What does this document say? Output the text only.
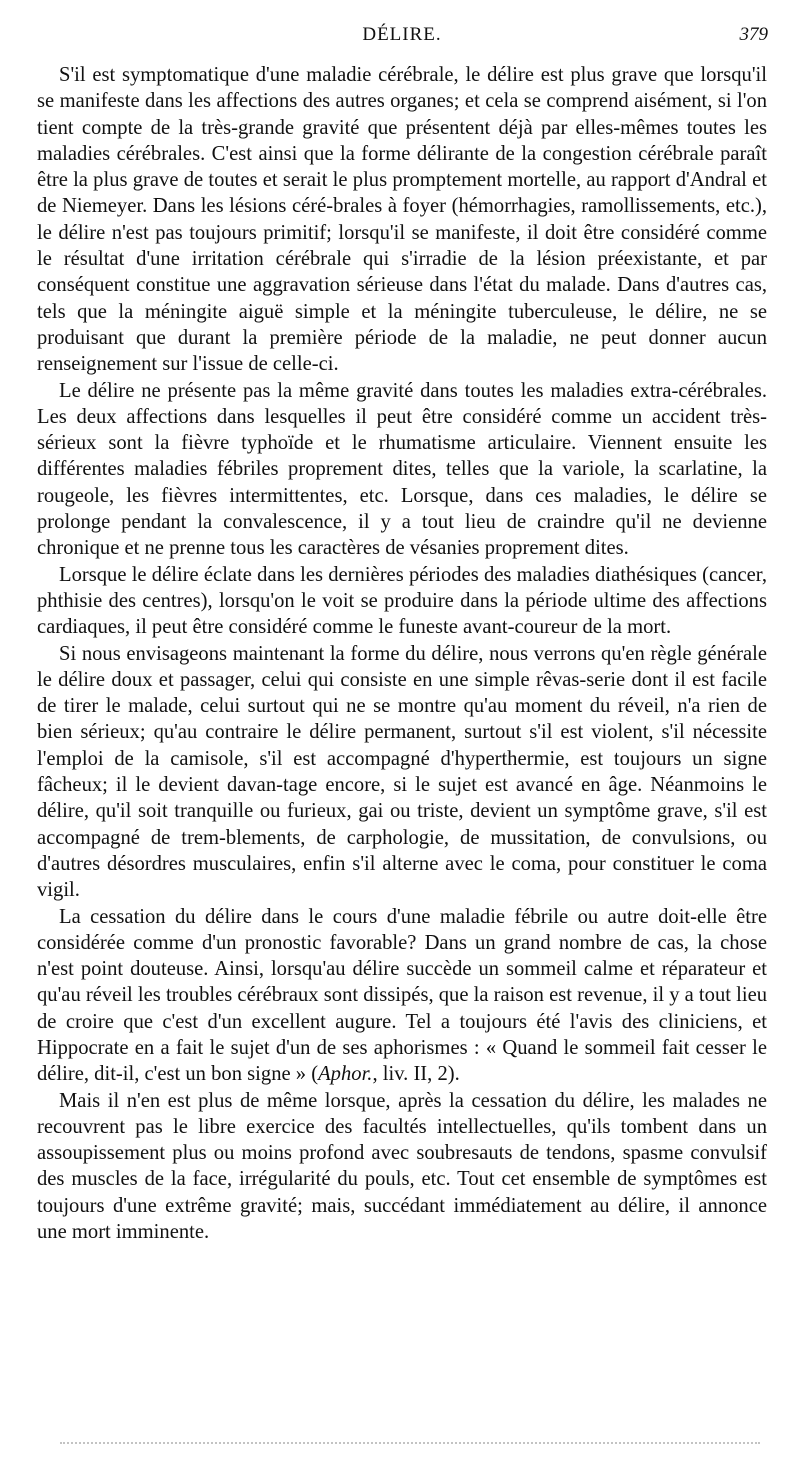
DÉLIRE.	379

S'il est symptomatique d'une maladie cérébrale, le délire est plus grave que lorsqu'il se manifeste dans les affections des autres organes; et cela se comprend aisément, si l'on tient compte de la très-grande gravité que présentent déjà par elles-mêmes toutes les maladies cérébrales. C'est ainsi que la forme délirante de la congestion cérébrale paraît être la plus grave de toutes et serait le plus promptement mortelle, au rapport d'Andral et de Niemeyer. Dans les lésions céré-brales à foyer (hémorrhagies, ramollissements, etc.), le délire n'est pas toujours primitif; lorsqu'il se manifeste, il doit être considéré comme le résultat d'une irritation cérébrale qui s'irradie de la lésion préexistante, et par conséquent constitue une aggravation sérieuse dans l'état du malade. Dans d'autres cas, tels que la méningite aiguë simple et la méningite tuberculeuse, le délire, ne se produisant que durant la première période de la maladie, ne peut donner aucun renseignement sur l'issue de celle-ci.

Le délire ne présente pas la même gravité dans toutes les maladies extra-cérébrales. Les deux affections dans lesquelles il peut être considéré comme un accident très-sérieux sont la fièvre typhoïde et le rhumatisme articulaire. Viennent ensuite les différentes maladies fébriles proprement dites, telles que la variole, la scarlatine, la rougeole, les fièvres intermittentes, etc. Lorsque, dans ces maladies, le délire se prolonge pendant la convalescence, il y a tout lieu de craindre qu'il ne devienne chronique et ne prenne tous les caractères de vésanies proprement dites.

Lorsque le délire éclate dans les dernières périodes des maladies diathésiques (cancer, phthisie des centres), lorsqu'on le voit se produire dans la période ultime des affections cardiaques, il peut être considéré comme le funeste avant-coureur de la mort.

Si nous envisageons maintenant la forme du délire, nous verrons qu'en règle générale le délire doux et passager, celui qui consiste en une simple rêvas-serie dont il est facile de tirer le malade, celui surtout qui ne se montre qu'au moment du réveil, n'a rien de bien sérieux; qu'au contraire le délire permanent, surtout s'il est violent, s'il nécessite l'emploi de la camisole, s'il est accompagné d'hyperthermie, est toujours un signe fâcheux; il le devient davan-tage encore, si le sujet est avancé en âge. Néanmoins le délire, qu'il soit tranquille ou furieux, gai ou triste, devient un symptôme grave, s'il est accompagné de trem-blements, de carphologie, de mussitation, de convulsions, ou d'autres désordres musculaires, enfin s'il alterne avec le coma, pour constituer le coma vigil.

La cessation du délire dans le cours d'une maladie fébrile ou autre doit-elle être considérée comme d'un pronostic favorable? Dans un grand nombre de cas, la chose n'est point douteuse. Ainsi, lorsqu'au délire succède un sommeil calme et réparateur et qu'au réveil les troubles cérébraux sont dissipés, que la raison est revenue, il y a tout lieu de croire que c'est d'un excellent augure. Tel a toujours été l'avis des cliniciens, et Hippocrate en a fait le sujet d'un de ses aphorismes : « Quand le sommeil fait cesser le délire, dit-il, c'est un bon signe » (Aphor., liv. II, 2).

Mais il n'en est plus de même lorsque, après la cessation du délire, les malades ne recouvrent pas le libre exercice des facultés intellectuelles, qu'ils tombent dans un assoupissement plus ou moins profond avec soubresauts de tendons, spasme convulsif des muscles de la face, irrégularité du pouls, etc. Tout cet ensemble de symptômes est toujours d'une extrême gravité; mais, succédant immédiatement au délire, il annonce une mort imminente.
